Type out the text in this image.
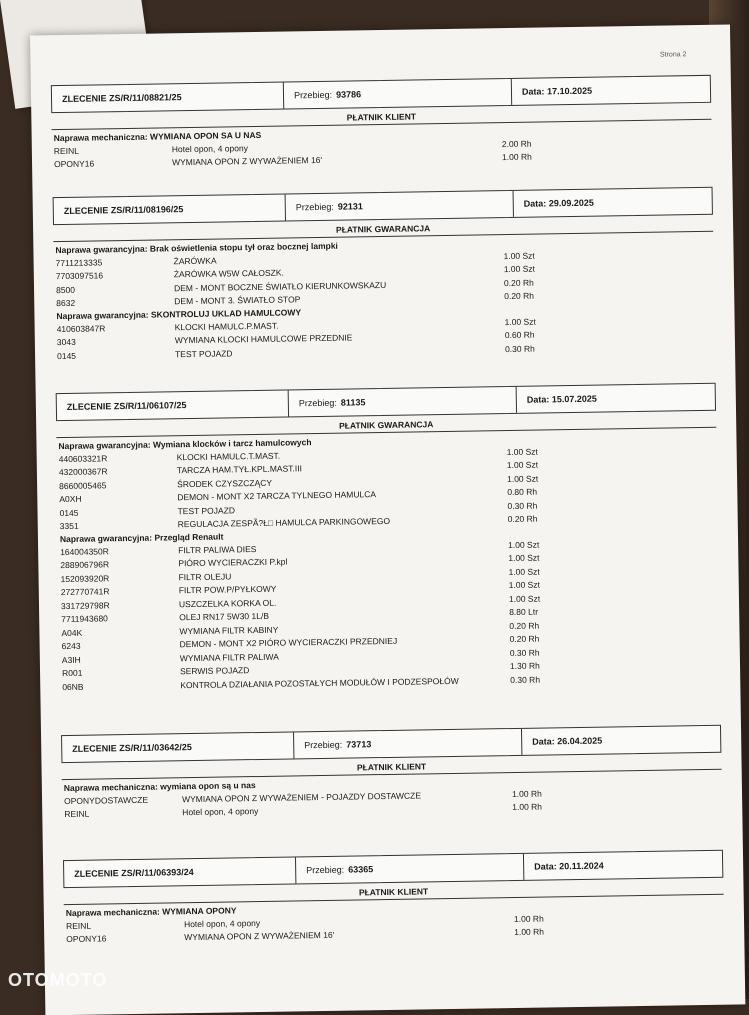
Strona 2
ZLECENIE ZS/R/11/08821/25	Przebieg: 93786	Data:
17.10.2025
PŁATNIK KLIENT
Naprawa mechaniczna: WYMIANA OPON SA U NAS
REINL	Hotel opon, 4 opony	2.00 Rh
OPONY16	WYMIANA OPON Z WYWAŻENIEM 16'	1.00 Rh
ZLECENIE ZS/R/11/08196/25	Przebieg: 92131	Data:
29.09.2025
PŁATNIK GWARANCJA
Naprawa gwarancyjna: Brak oświetlenia stopu tył oraz bocznej lampki
7711213335	ŻARÓWKA	1.00 Szt
7703097516	ŻARÓWKA W5W CAŁOSZK.	1.00 Szt
8500	DEM - MONT BOCZNE ŚWIATŁO KIERUNKOWSKAZU	0.20 Rh
8632	DEM - MONT 3. ŚWIATŁO STOP	0.20 Rh
Naprawa gwarancyjna: SKONTROLUJ UKLAD HAMULCOWY
410603847R	KLOCKI HAMULC.P.MAST.	1.00 Szt
3043	WYMIANA KLOCKI HAMULCOWE PRZEDNIE	0.60 Rh
0145	TEST POJAZD	0.30 Rh
ZLECENIE ZS/R/11/06107/25	Przebieg: 81135	Data:
15.07.2025
PŁATNIK GWARANCJA
Naprawa gwarancyjna: Wymiana klocków i tarcz hamulcowych
440603321R	KLOCKI HAMULC.T.MAST.	1.00 Szt
432000367R	TARCZA HAM.TYŁ.KPL.MAST.III	1.00 Szt
8660005465	ŚRODEK CZYSZCZĄCY	1.00 Szt
A0XH	DEMON - MONT X2 TARCZA TYLNEGO HAMULCA	0.80 Rh
0145	TEST POJAZD	0.30 Rh
3351	REGULACJA ZESPÃ?Ł□ HAMULCA PARKINGOWEGO	0.20 Rh
Naprawa gwarancyjna: Przegląd Renault
164004350R	FILTR PALIWA DIES	1.00 Szt
288906796R	PIÓRO WYCIERACZKI P.kpl	1.00 Szt
152093920R	FILTR OLEJU	1.00 Szt
272770741R	FILTR POW.P/PYŁKOWY	1.00 Szt
331729798R	USZCZELKA KORKA OL.	1.00 Szt
7711943680	OLEJ RN17 5W30 1L/B	8.80 Ltr
A04K	WYMIANA FILTR KABINY	0.20 Rh
6243	DEMON - MONT X2 PIÓRO WYCIERACZKI PRZEDNIEJ	0.20 Rh
A3IH	WYMIANA FILTR PALIWA	0.30 Rh
R001	SERWIS POJAZD	1.30 Rh
06NB	KONTROLA DZIAŁANIA POZOSTAŁYCH MODUŁÓW I PODZESPOŁÓW	0.30 Rh
ZLECENIE ZS/R/11/03642/25	Przebieg: 73713	Data:
26.04.2025
PŁATNIK KLIENT
Naprawa mechaniczna: wymiana opon są u nas
OPONYDOSTAWCZE	WYMIANA OPON Z WYWAŻENIEM - POJAZDY DOSTAWCZE	1.00 Rh
REINL	Hotel opon, 4 opony	1.00 Rh
ZLECENIE ZS/R/11/06393/24	Przebieg: 63365	Data:
20.11.2024
PŁATNIK KLIENT
Naprawa mechaniczna: WYMIANA OPONY
REINL	Hotel opon, 4 opony	1.00 Rh
OPONY16	WYMIANA OPON Z WYWAŻENIEM 16'	1.00 Rh
OTOMOTO
